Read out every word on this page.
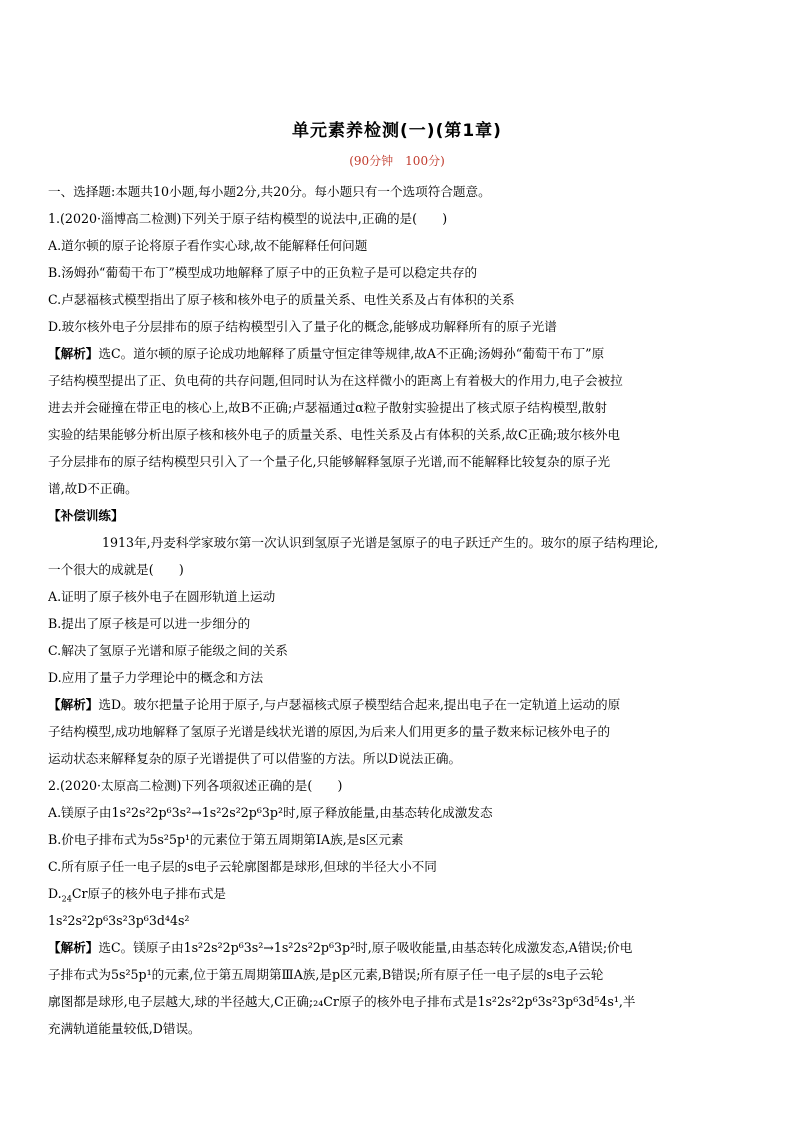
单元素养检测(一)(第1章)
(90分钟　100分)
一、选择题:本题共10小题,每小题2分,共20分。每小题只有一个选项符合题意。
1.(2020·淄博高二检测)下列关于原子结构模型的说法中,正确的是(　　)
A.道尔顿的原子论将原子看作实心球,故不能解释任何问题
B.汤姆孙“葡萄干布丁”模型成功地解释了原子中的正负粒子是可以稳定共存的
C.卢瑟福核式模型指出了原子核和核外电子的质量关系、电性关系及占有体积的关系
D.玻尔核外电子分层排布的原子结构模型引入了量子化的概念,能够成功解释所有的原子光谱
【解析】选C。道尔顿的原子论成功地解释了质量守恒定律等规律,故A不正确;汤姆孙“葡萄干布丁”原
子结构模型提出了正、负电荷的共存问题,但同时认为在这样微小的距离上有着极大的作用力,电子会被拉
进去并会碰撞在带正电的核心上,故B不正确;卢瑟福通过α粒子散射实验提出了核式原子结构模型,散射
实验的结果能够分析出原子核和核外电子的质量关系、电性关系及占有体积的关系,故C正确;玻尔核外电
子分层排布的原子结构模型只引入了一个量子化,只能够解释氢原子光谱,而不能解释比较复杂的原子光
谱,故D不正确。
【补偿训练】
1913年,丹麦科学家玻尔第一次认识到氢原子光谱是氢原子的电子跃迁产生的。玻尔的原子结构理论,
一个很大的成就是(　　)
A.证明了原子核外电子在圆形轨道上运动
B.提出了原子核是可以进一步细分的
C.解决了氢原子光谱和原子能级之间的关系
D.应用了量子力学理论中的概念和方法
【解析】选D。玻尔把量子论用于原子,与卢瑟福核式原子模型结合起来,提出电子在一定轨道上运动的原
子结构模型,成功地解释了氢原子光谱是线状光谱的原因,为后来人们用更多的量子数来标记核外电子的
运动状态来解释复杂的原子光谱提供了可以借鉴的方法。所以D说法正确。
2.(2020·太原高二检测)下列各项叙述正确的是(　　)
A.镁原子由1s²2s²2p⁶3s²→1s²2s²2p⁶3p²时,原子释放能量,由基态转化成激发态
B.价电子排布式为5s²5p¹的元素位于第五周期第ⅠA族,是s区元素
C.所有原子任一电子层的s电子云轮廓图都是球形,但球的半径大小不同
$D._{24}Cr$原子的核外电子排布式是
1s²2s²2p⁶3s²3p⁶3d⁴4s²
【解析】选C。镁原子由1s²2s²2p⁶3s²→1s²2s²2p⁶3p²时,原子吸收能量,由基态转化成激发态,A错误;价电
子排布式为5s²5p¹的元素,位于第五周期第ⅢA族,是p区元素,B错误;所有原子任一电子层的s电子云轮
廓图都是球形,电子层越大,球的半径越大,C正确;₂₄Cr原子的核外电子排布式是1s²2s²2p⁶3s²3p⁶3d⁵4s¹,半
充满轨道能量较低,D错误。
